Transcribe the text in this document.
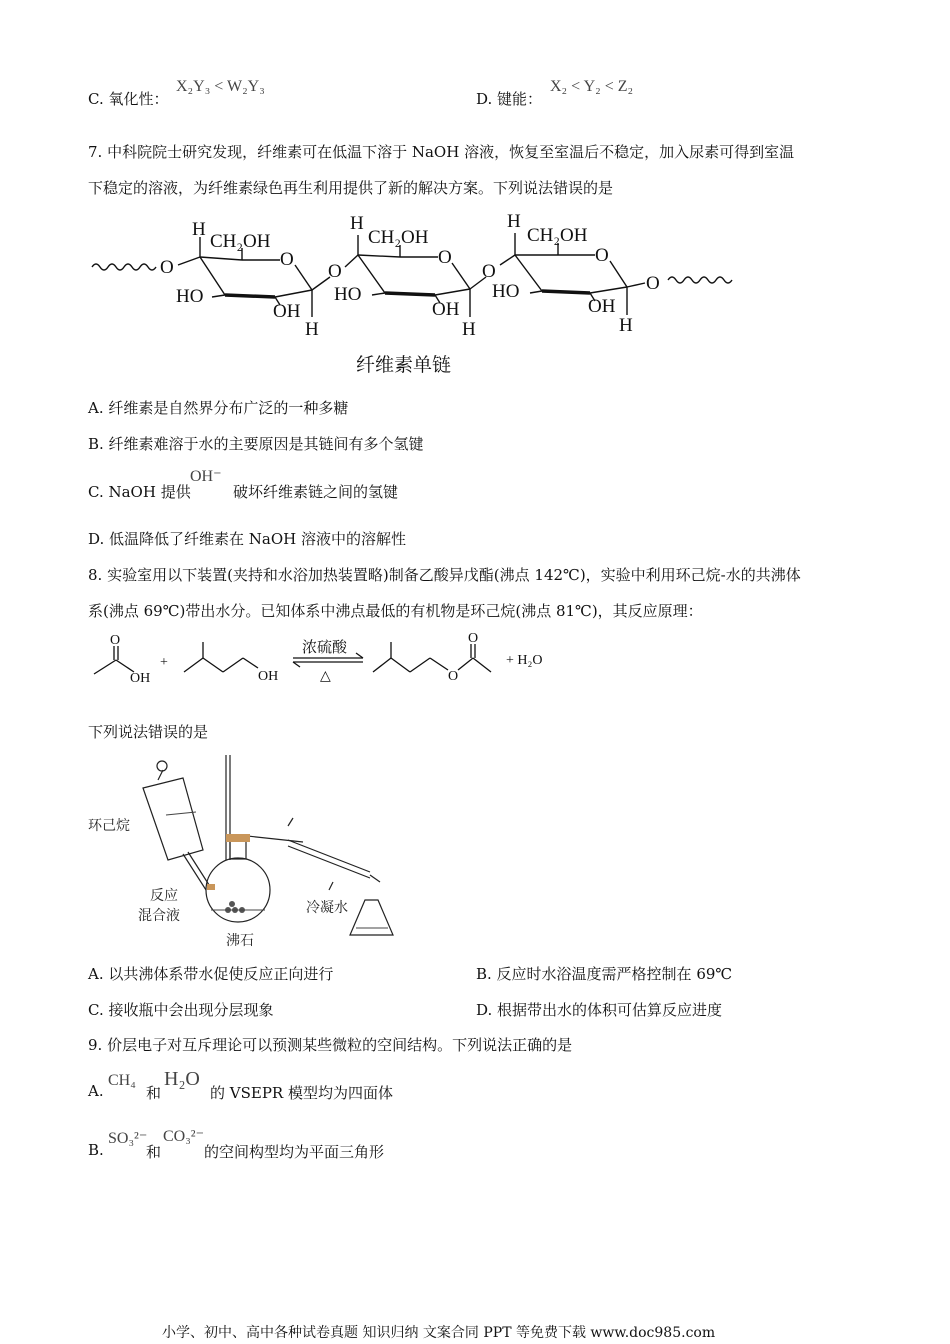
C. 氧化性：
X₂Y₃ < W₂Y₃
D. 键能：
X₂ < Y₂ < Z₂
7. 中科院院士研究发现，纤维素可在低温下溶于 NaOH 溶液，恢复至室温后不稳定，加入尿素可得到室温
下稳定的溶液，为纤维素绿色再生利用提供了新的解决方案。下列说法错误的是
O
H
CH₂OH
O
HO
OH
H
O
H
CH₂OH
O
HO
OH
H
O
H
CH₂OH
O
HO
OH
H
O
纤维素单链
A. 纤维素是自然界分布广泛的一种多糖
B. 纤维素难溶于水的主要原因是其链间有多个氢键
C. NaOH 提供
OH⁻
破坏纤维素链之间的氢键
D. 低温降低了纤维素在 NaOH 溶液中的溶解性
8. 实验室用以下装置(夹持和水浴加热装置略)制备乙酸异戊酯(沸点 142℃)，实验中利用环己烷-水的共沸体
系(沸点 69℃)带出水分。已知体系中沸点最低的有机物是环己烷(沸点 81℃)，其反应原理：
O
OH
+
OH
O
O
+ H₂O
浓硫酸
△
下列说法错误的是
环己烷
反应
混合液
沸石
冷凝水
A. 以共沸体系带水促使反应正向进行	B. 反应时水浴温度需严格控制在 69℃
C. 接收瓶中会出现分层现象	D. 根据带出水的体积可估算反应进度
9. 价层电子对互斥理论可以预测某些微粒的空间结构。下列说法正确的是
A.
CH₄
和
H₂O
的 VSEPR 模型均为四面体
B.
SO₃²⁻
和
CO₃²⁻
的空间构型均为平面三角形
小学、初中、高中各种试卷真题 知识归纳 文案合同 PPT 等免费下载 www.doc985.com
